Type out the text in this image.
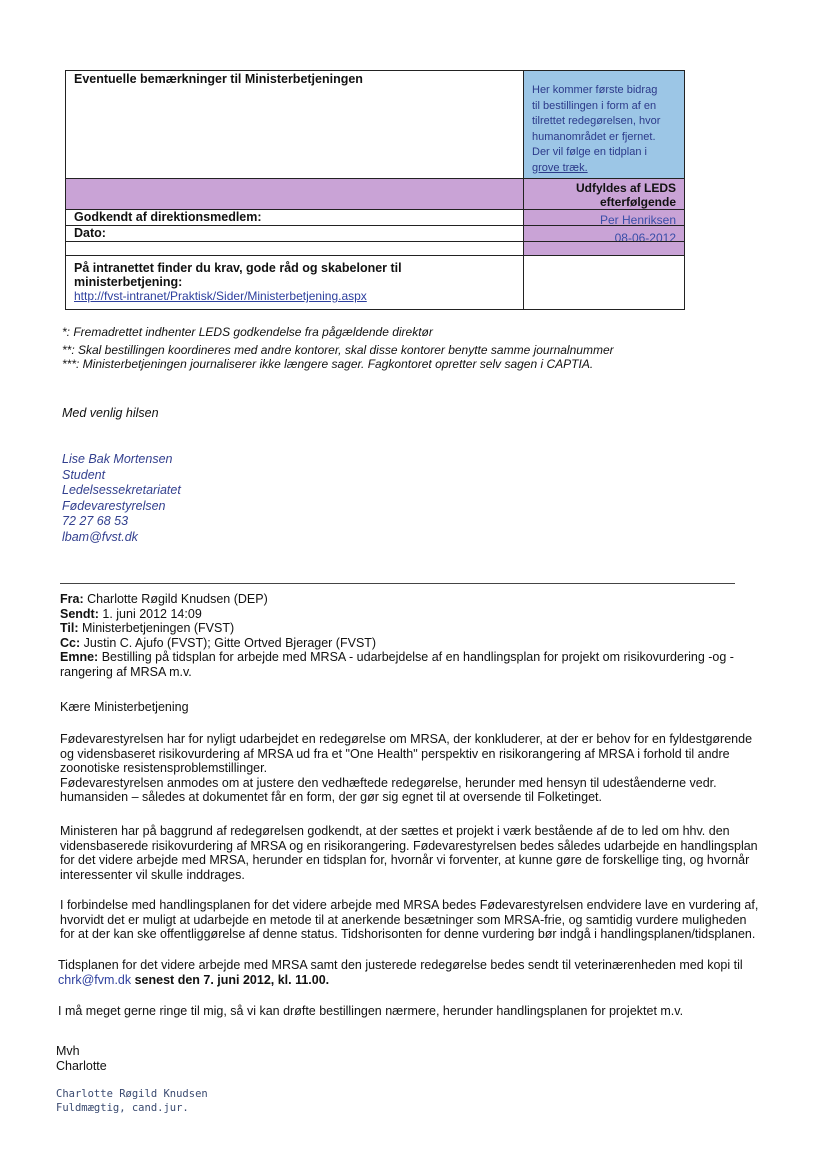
Her kommer første bidrag
til bestillingen i form af en
tilrettet redegørelsen, hvor
humanområdet er fjernet.
Der vil følge en tidplan i
grove træk.
Eventuelle bemærkninger til Ministerbetjeningen
Udfyldes af LEDS
efterfølgende
Godkendt af direktionsmedlem:	Per Henriksen
Dato:	08-06-2012
På intranettet finder du krav, gode råd og skabeloner til
ministerbetjening:
http://fvst-intranet/Praktisk/Sider/Ministerbetjening.aspx
*: Fremadrettet indhenter LEDS godkendelse fra pågældende direktør
**: Skal bestillingen koordineres med andre kontorer, skal disse kontorer benytte samme journalnummer
***: Ministerbetjeningen journaliserer ikke længere sager. Fagkontoret opretter selv sagen i CAPTIA.
Med venlig hilsen
Lise Bak Mortensen
Student
Ledelsessekretariatet
Fødevarestyrelsen
72 27 68 53
lbam@fvst.dk
Fra: Charlotte Røgild Knudsen (DEP)
Sendt: 1. juni 2012 14:09
Til: Ministerbetjeningen (FVST)
Cc: Justin C. Ajufo (FVST); Gitte Ortved Bjerager (FVST)
Emne: Bestilling på tidsplan for arbejde med MRSA - udarbejdelse af en handlingsplan for projekt om risikovurdering -og -
rangering af MRSA m.v.
Kære Ministerbetjening
Fødevarestyrelsen har for nyligt udarbejdet en redegørelse om MRSA, der konkluderer, at der er behov for en fyldestgørende
og vidensbaseret risikovurdering af MRSA ud fra et "One Health" perspektiv en risikorangering af MRSA i forhold til andre
zoonotiske resistensproblemstillinger.
Fødevarestyrelsen anmodes om at justere den vedhæftede redegørelse, herunder med hensyn til udeståenderne vedr.
humansiden – således at dokumentet får en form, der gør sig egnet til at oversende til Folketinget.
Ministeren har på baggrund af redegørelsen godkendt, at der sættes et projekt i værk bestående af de to led om hhv. den
vidensbaserede risikovurdering af MRSA og en risikorangering. Fødevarestyrelsen bedes således udarbejde en handlingsplan
for det videre arbejde med MRSA, herunder en tidsplan for, hvornår vi forventer, at kunne gøre de forskellige ting, og hvornår
interessenter vil skulle inddrages.
I forbindelse med handlingsplanen for det videre arbejde med MRSA bedes Fødevarestyrelsen endvidere lave en vurdering af,
hvorvidt det er muligt at udarbejde en metode til at anerkende besætninger som MRSA-frie, og samtidig vurdere muligheden
for at der kan ske offentliggørelse af denne status. Tidshorisonten for denne vurdering bør indgå i handlingsplanen/tidsplanen.
Tidsplanen for det videre arbejde med MRSA samt den justerede redegørelse bedes sendt til veterinærenheden med kopi til
chrk@fvm.dk senest den 7. juni 2012, kl. 11.00.
I må meget gerne ringe til mig, så vi kan drøfte bestillingen nærmere, herunder handlingsplanen for projektet m.v.
Mvh
Charlotte
Charlotte Røgild Knudsen
Fuldmægtig, cand.jur.
